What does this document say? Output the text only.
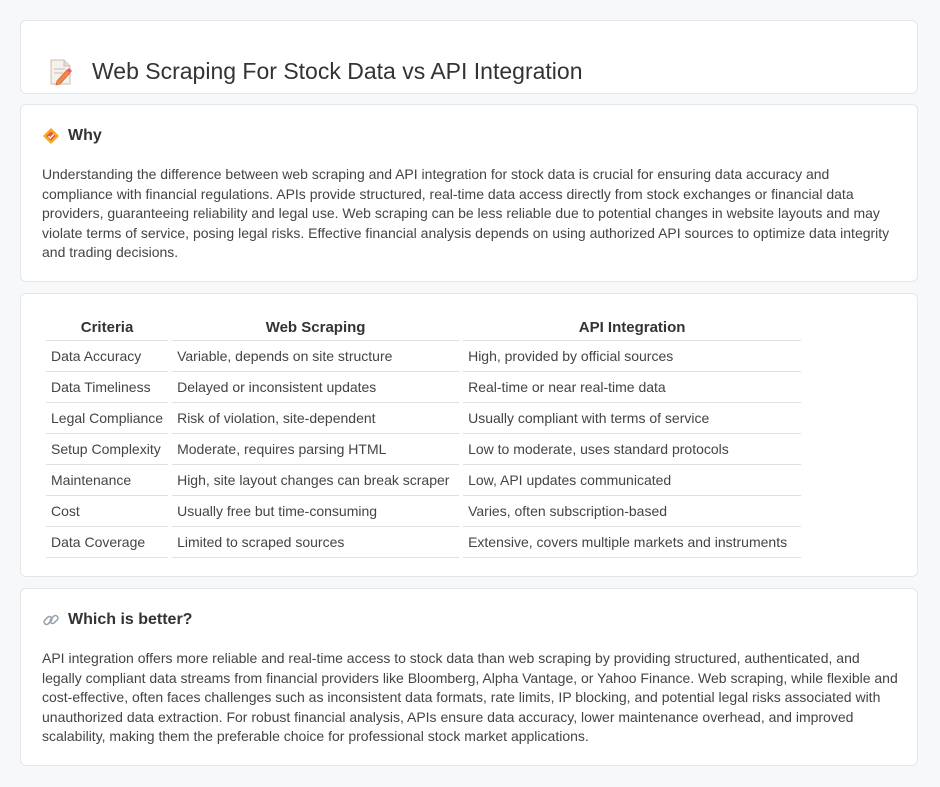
Web Scraping For Stock Data vs API Integration
Why

Understanding the difference between web scraping and API integration for stock data is crucial for ensuring data accuracy and compliance with financial regulations. APIs provide structured, real-time data access directly from stock exchanges or financial data providers, guaranteeing reliability and legal use. Web scraping can be less reliable due to potential changes in website layouts and may violate terms of service, posing legal risks. Effective financial analysis depends on using authorized API sources to optimize data integrity and trading decisions.

Criteria	Web Scraping	API Integration
Data Accuracy	Variable, depends on site structure	High, provided by official sources
Data Timeliness	Delayed or inconsistent updates	Real-time or near real-time data
Legal Compliance	Risk of violation, site-dependent	Usually compliant with terms of service
Setup Complexity	Moderate, requires parsing HTML	Low to moderate, uses standard protocols
Maintenance	High, site layout changes can break scraper	Low, API updates communicated
Cost	Usually free but time-consuming	Varies, often subscription-based
Data Coverage	Limited to scraped sources	Extensive, covers multiple markets and instruments
Which is better?

API integration offers more reliable and real-time access to stock data than web scraping by providing structured, authenticated, and legally compliant data streams from financial providers like Bloomberg, Alpha Vantage, or Yahoo Finance. Web scraping, while flexible and cost-effective, often faces challenges such as inconsistent data formats, rate limits, IP blocking, and potential legal risks associated with unauthorized data extraction. For robust financial analysis, APIs ensure data accuracy, lower maintenance overhead, and improved scalability, making them the preferable choice for professional stock market applications.
